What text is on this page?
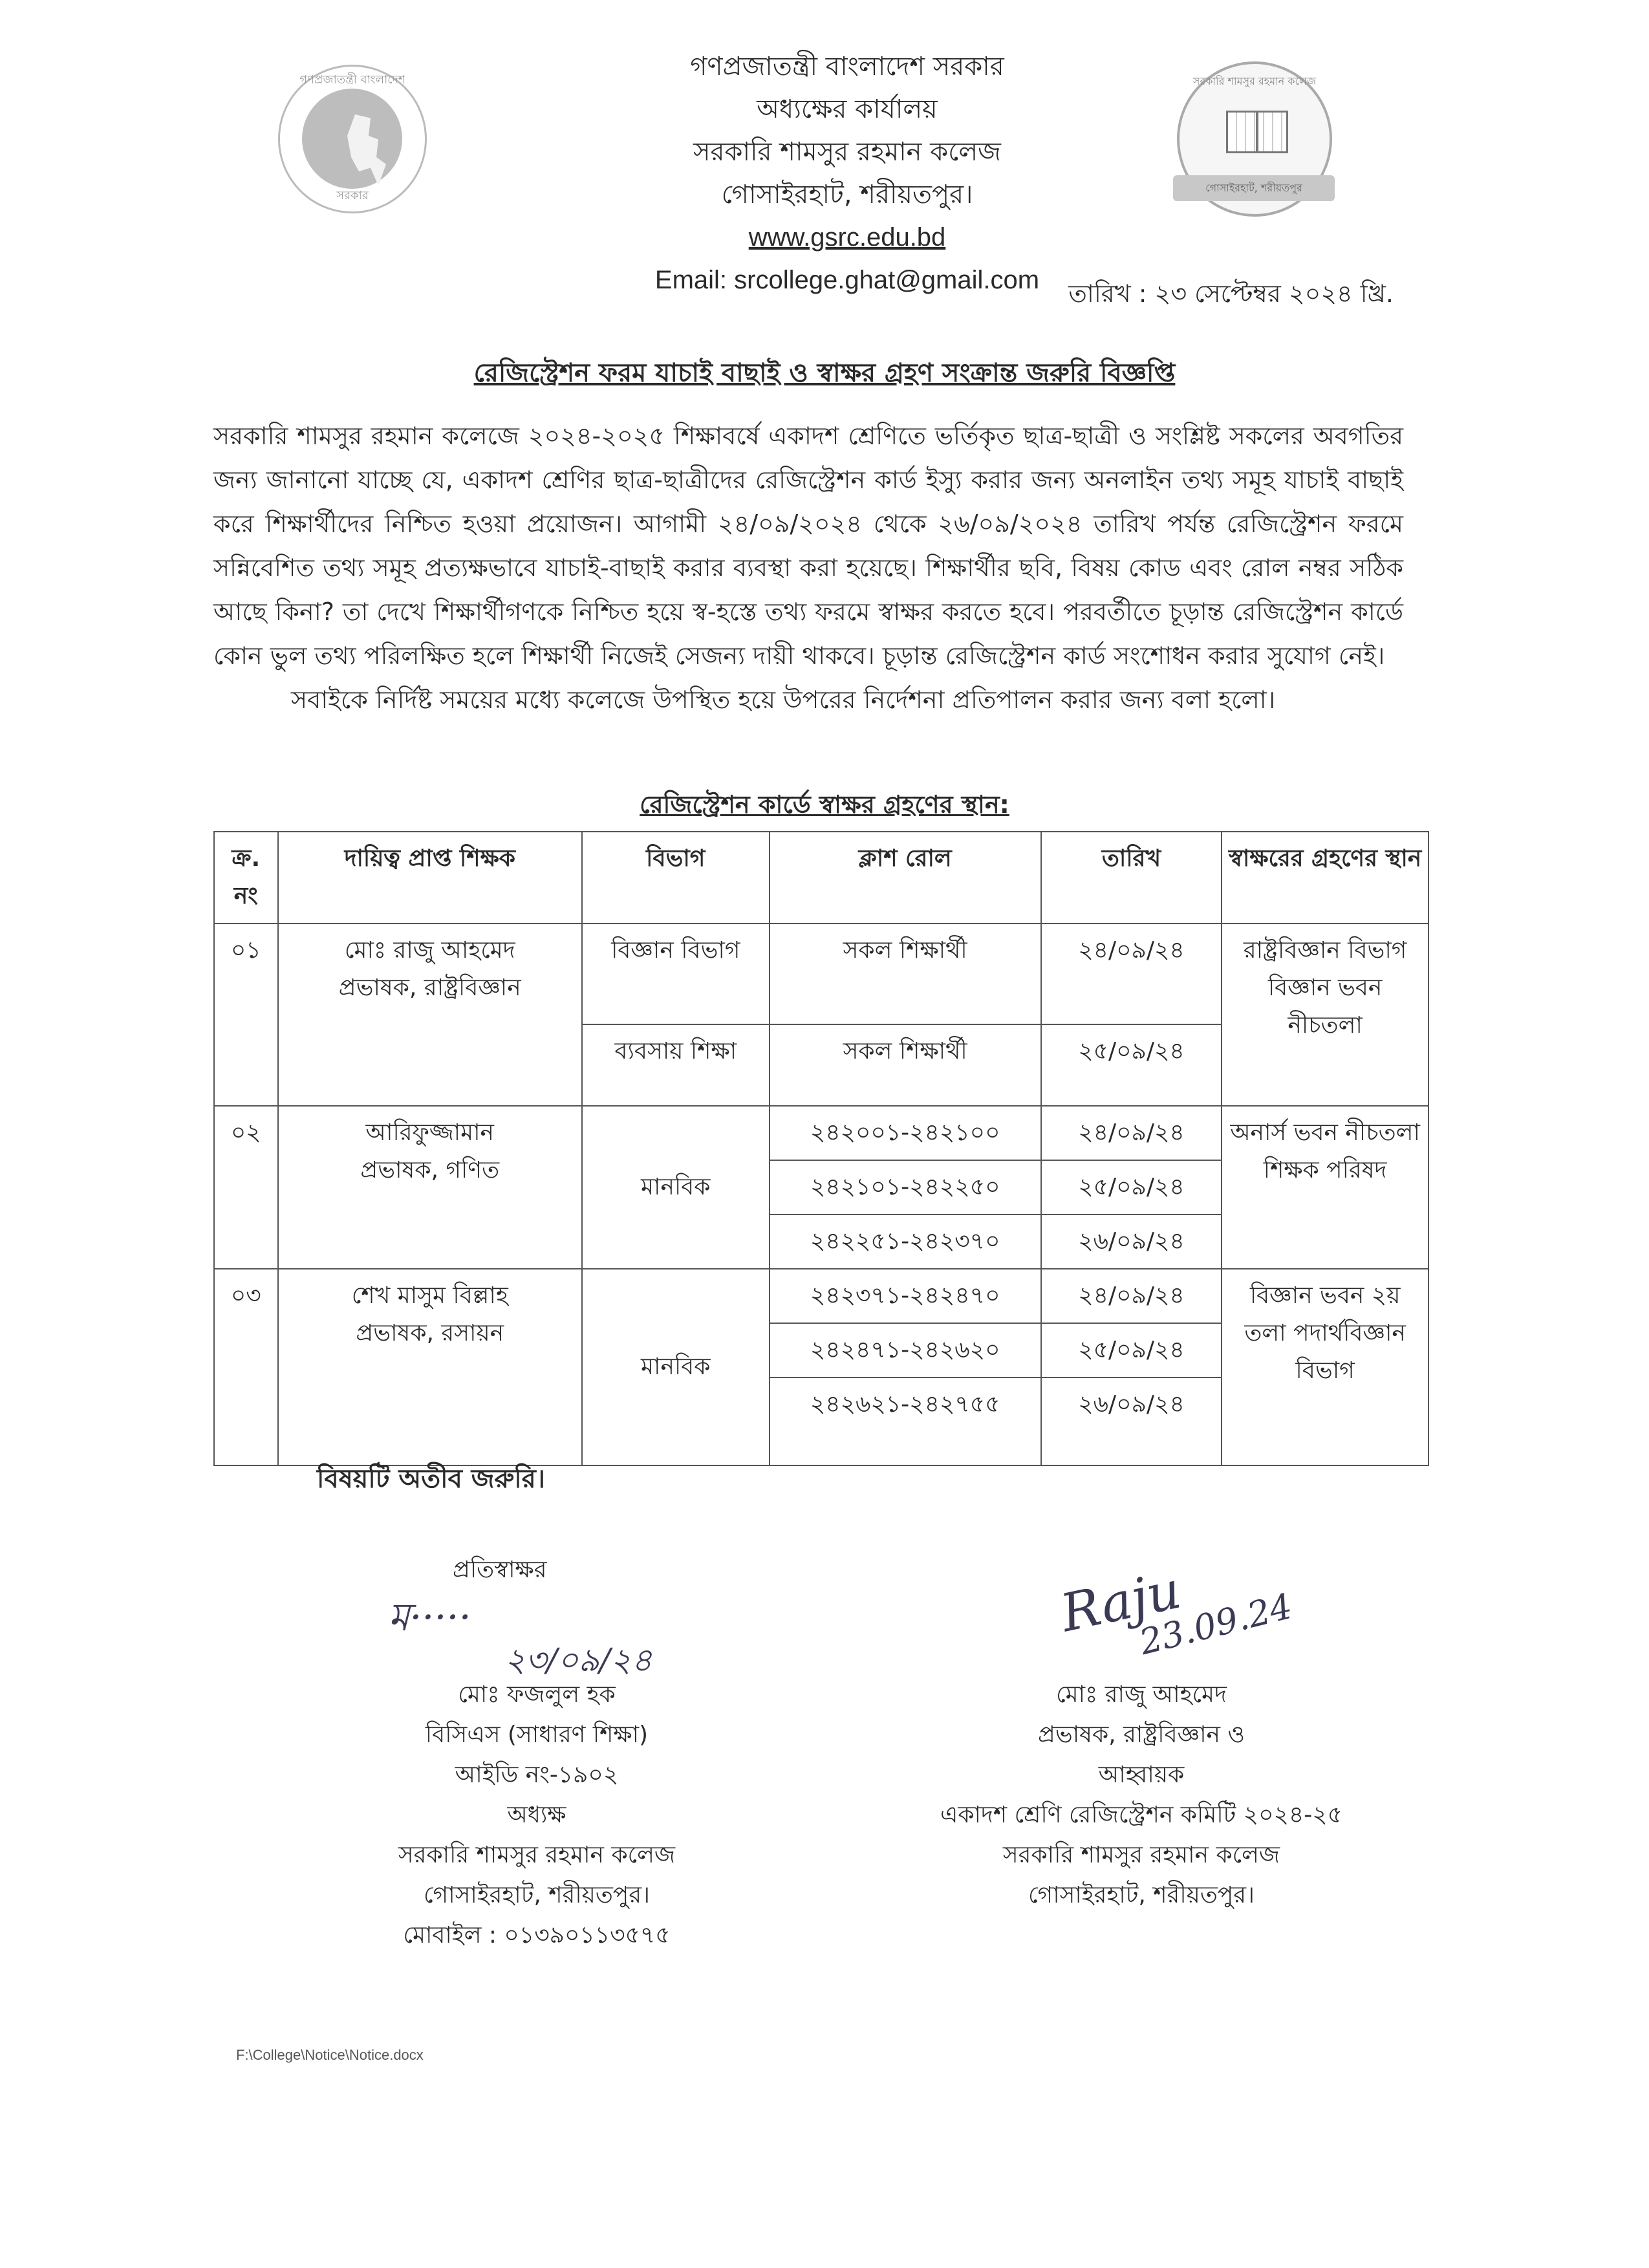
গণপ্রজাতন্ত্রী বাংলাদেশ
সরকার
সরকারি শামসুর রহমান কলেজ
গোসাইরহাট, শরীয়তপুর
গণপ্রজাতন্ত্রী বাংলাদেশ সরকার
অধ্যক্ষের কার্যালয়
সরকারি শামসুর রহমান কলেজ
গোসাইরহাট, শরীয়তপুর।
www.gsrc.edu.bd
Email: srcollege.ghat@gmail.com	তারিখ : ২৩ সেপ্টেম্বর ২০২৪ খ্রি.
রেজিস্ট্রেশন ফরম যাচাই বাছাই ও স্বাক্ষর গ্রহণ সংক্রান্ত জরুরি বিজ্ঞপ্তি

সরকারি শামসুর রহমান কলেজে ২০২৪-২০২৫ শিক্ষাবর্ষে একাদশ শ্রেণিতে ভর্তিকৃত ছাত্র-ছাত্রী ও সংশ্লিষ্ট সকলের অবগতির জন্য জানানো যাচ্ছে যে, একাদশ শ্রেণির ছাত্র-ছাত্রীদের রেজিস্ট্রেশন কার্ড ইস্যু করার জন্য অনলাইন তথ্য সমূহ যাচাই বাছাই করে শিক্ষার্থীদের নিশ্চিত হওয়া প্রয়োজন। আগামী ২৪/০৯/২০২৪ থেকে ২৬/০৯/২০২৪ তারিখ পর্যন্ত রেজিস্ট্রেশন ফরমে সন্নিবেশিত তথ্য সমূহ প্রত্যক্ষভাবে যাচাই-বাছাই করার ব্যবস্থা করা হয়েছে। শিক্ষার্থীর ছবি, বিষয় কোড এবং রোল নম্বর সঠিক আছে কিনা? তা দেখে শিক্ষার্থীগণকে নিশ্চিত হয়ে স্ব-হস্তে তথ্য ফরমে স্বাক্ষর করতে হবে। পরবর্তীতে চূড়ান্ত রেজিস্ট্রেশন কার্ডে কোন ভুল তথ্য পরিলক্ষিত হলে শিক্ষার্থী নিজেই সেজন্য দায়ী থাকবে। চূড়ান্ত রেজিস্ট্রেশন কার্ড সংশোধন করার সুযোগ নেই।

সবাইকে নির্দিষ্ট সময়ের মধ্যে কলেজে উপস্থিত হয়ে উপরের নির্দেশনা প্রতিপালন করার জন্য বলা হলো।

রেজিস্ট্রেশন কার্ডে স্বাক্ষর গ্রহণের স্থান:
ক্র. নং	দায়িত্ব প্রাপ্ত শিক্ষক	বিভাগ	ক্লাশ রোল	তারিখ	স্বাক্ষরের গ্রহণের স্থান
০১	মোঃ রাজু আহমেদ
প্রভাষক, রাষ্ট্রবিজ্ঞান	বিজ্ঞান বিভাগ	সকল শিক্ষার্থী	২৪/০৯/২৪	রাষ্ট্রবিজ্ঞান বিভাগ বিজ্ঞান ভবন নীচতলা
		ব্যবসায় শিক্ষা	সকল শিক্ষার্থী	২৫/০৯/২৪	
০২	আরিফুজ্জামান
প্রভাষক, গণিত	মানবিক	২৪২০০১-২৪২১০০	২৪/০৯/২৪	অনার্স ভবন নীচতলা শিক্ষক পরিষদ
			২৪২১০১-২৪২২৫০	২৫/০৯/২৪	
			২৪২২৫১-২৪২৩৭০	২৬/০৯/২৪	
০৩	শেখ মাসুম বিল্লাহ
প্রভাষক, রসায়ন	মানবিক	২৪২৩৭১-২৪২৪৭০	২৪/০৯/২৪	বিজ্ঞান ভবন ২য় তলা পদার্থবিজ্ঞান বিভাগ
			২৪২৪৭১-২৪২৬২০	২৫/০৯/২৪	
			২৪২৬২১-২৪২৭৫৫	২৬/০৯/২৪	
বিষয়টি অতীব জরুরি।
প্রতিস্বাক্ষর
ম·····
২৩/০৯/২৪
Raju
23.09.24
মোঃ ফজলুল হক
বিসিএস (সাধারণ শিক্ষা)
আইডি নং-১৯০২
অধ্যক্ষ
সরকারি শামসুর রহমান কলেজ
গোসাইরহাট, শরীয়তপুর।
মোবাইল : ০১৩৯০১১৩৫৭৫
মোঃ রাজু আহমেদ
প্রভাষক, রাষ্ট্রবিজ্ঞান ও
আহ্বায়ক
একাদশ শ্রেণি রেজিস্ট্রেশন কমিটি ২০২৪-২৫
সরকারি শামসুর রহমান কলেজ
গোসাইরহাট, শরীয়তপুর।
F:\College\Notice\Notice.docx
